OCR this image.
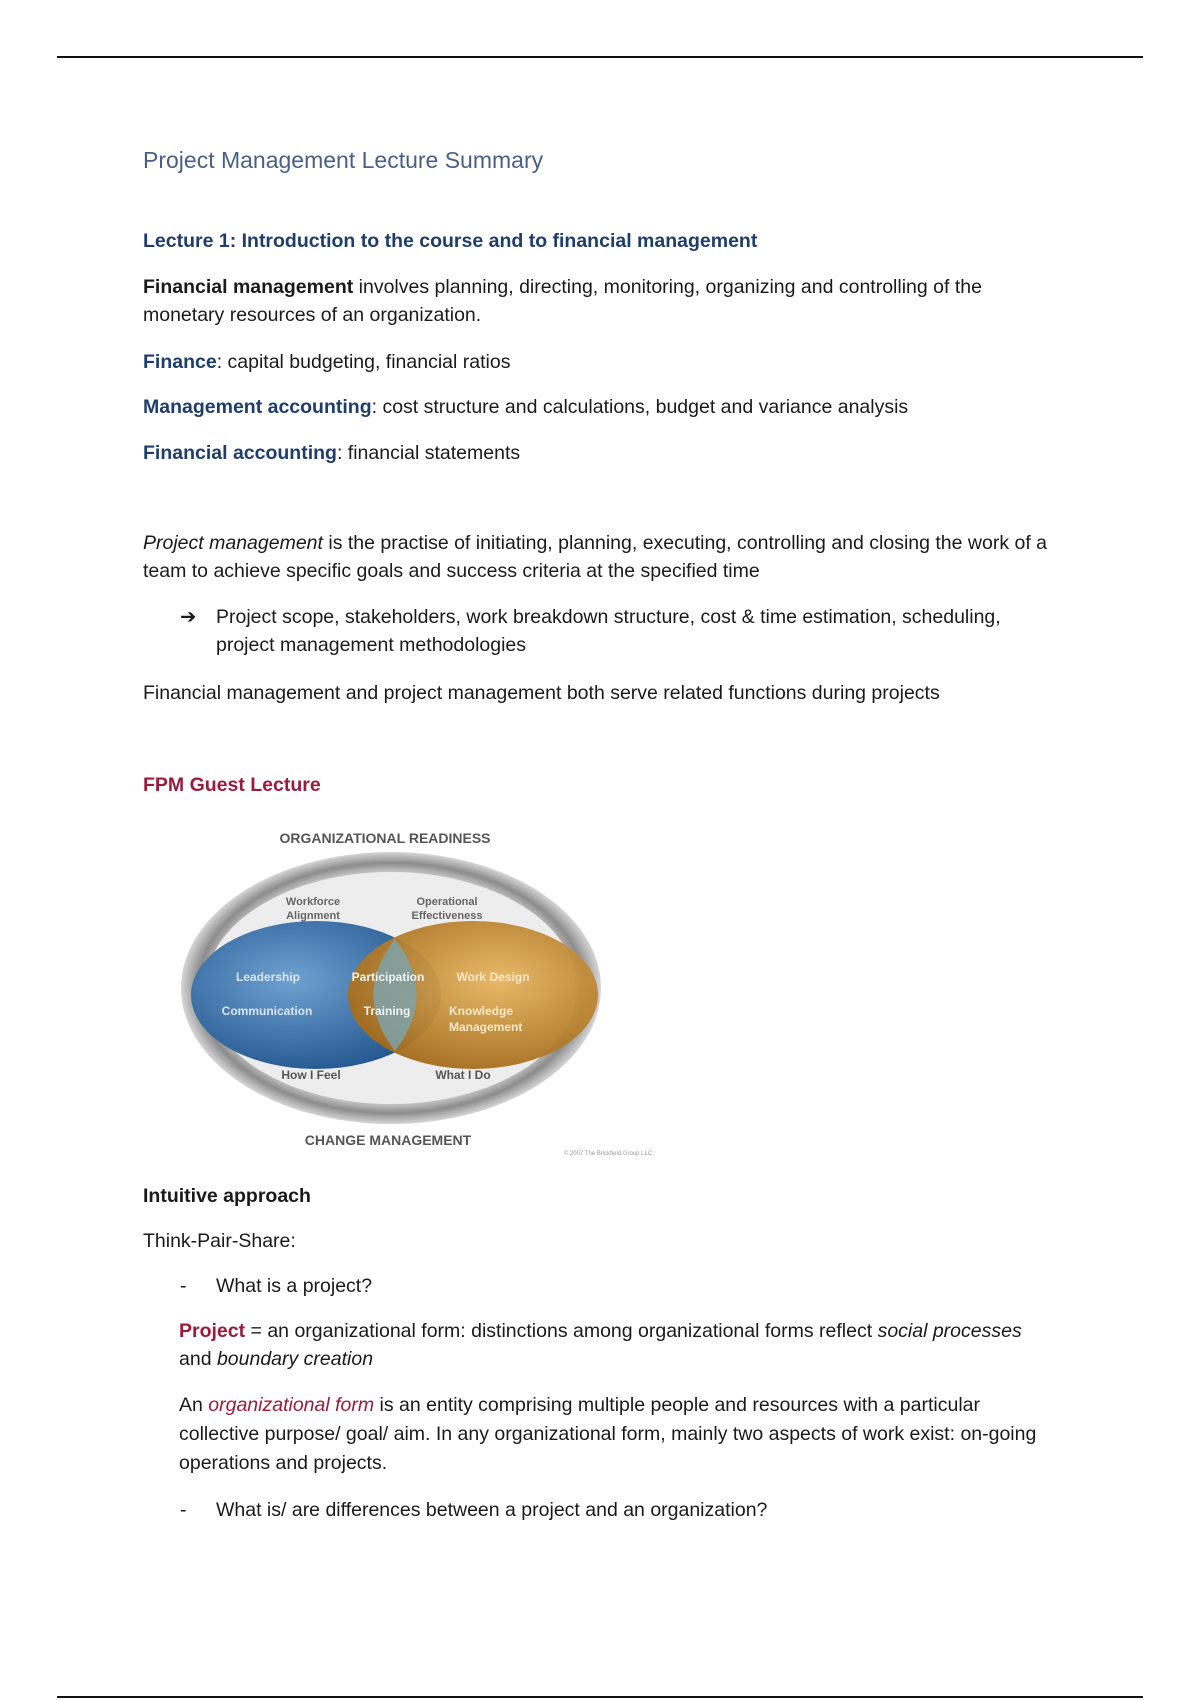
Project Management Lecture Summary
Lecture 1: Introduction to the course and to financial management

Financial management involves planning, directing, monitoring, organizing and controlling of the monetary resources of an organization.

Finance: capital budgeting, financial ratios

Management accounting: cost structure and calculations, budget and variance analysis

Financial accounting: financial statements

Project management is the practise of initiating, planning, executing, controlling and closing the work of a team to achieve specific goals and success criteria at the specified time

➔	Project scope, stakeholders, work breakdown structure, cost & time estimation, scheduling, project management methodologies

Financial management and project management both serve related functions during projects

FPM Guest Lecture

ORGANIZATIONAL READINESS
Workforce
Alignment
Operational
Effectiveness
Leadership	Participation	Work Design
Communication	Training	Knowledge
Management
How I Feel	What I Do
CHANGE MANAGEMENT
© 2007 The Brickfield Group LLC

Intuitive approach

Think-Pair-Share:

-	What is a project?

Project = an organizational form: distinctions among organizational forms reflect social processes and boundary creation

An organizational form is an entity comprising multiple people and resources with a particular collective purpose/ goal/ aim. In any organizational form, mainly two aspects of work exist: on-going operations and projects.

-	What is/ are differences between a project and an organization?
